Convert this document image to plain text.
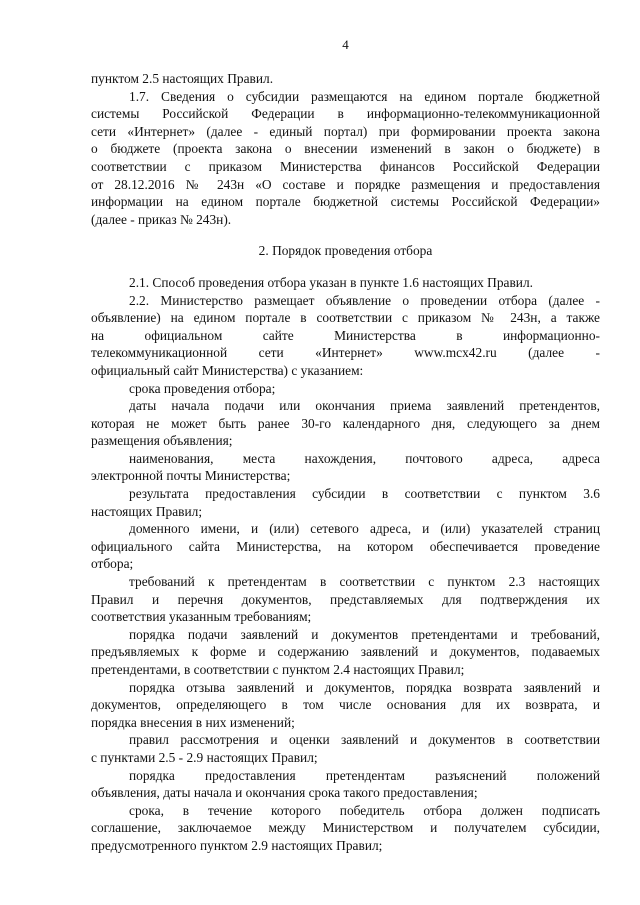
4
пунктом 2.5 настоящих Правил.
1.7. Сведения о субсидии размещаются на едином портале бюджетной
системы Российской Федерации в информационно-телекоммуникационной
сети «Интернет» (далее - единый портал) при формировании проекта закона
о бюджете (проекта закона о внесении изменений в закон о бюджете) в
соответствии с приказом Министерства финансов Российской Федерации
от 28.12.2016 № 243н «О составе и порядке размещения и предоставления
информации на едином портале бюджетной системы Российской Федерации»
(далее - приказ № 243н).
2. Порядок проведения отбора
2.1. Способ проведения отбора указан в пункте 1.6 настоящих Правил.
2.2. Министерство размещает объявление о проведении отбора (далее -
объявление) на едином портале в соответствии с приказом № 243н, а также
на официальном сайте Министерства в информационно-
телекоммуникационной сети «Интернет» www.mcx42.ru (далее -
официальный сайт Министерства) с указанием:
срока проведения отбора;
даты начала подачи или окончания приема заявлений претендентов,
которая не может быть ранее 30-го календарного дня, следующего за днем
размещения объявления;
наименования, места нахождения, почтового адреса, адреса
электронной почты Министерства;
результата предоставления субсидии в соответствии с пунктом 3.6
настоящих Правил;
доменного имени, и (или) сетевого адреса, и (или) указателей страниц
официального сайта Министерства, на котором обеспечивается проведение
отбора;
требований к претендентам в соответствии с пунктом 2.3 настоящих
Правил и перечня документов, представляемых для подтверждения их
соответствия указанным требованиям;
порядка подачи заявлений и документов претендентами и требований,
предъявляемых к форме и содержанию заявлений и документов, подаваемых
претендентами, в соответствии с пунктом 2.4 настоящих Правил;
порядка отзыва заявлений и документов, порядка возврата заявлений и
документов, определяющего в том числе основания для их возврата, и
порядка внесения в них изменений;
правил рассмотрения и оценки заявлений и документов в соответствии
с пунктами 2.5 - 2.9 настоящих Правил;
порядка предоставления претендентам разъяснений положений
объявления, даты начала и окончания срока такого предоставления;
срока, в течение которого победитель отбора должен подписать
соглашение, заключаемое между Министерством и получателем субсидии,
предусмотренного пунктом 2.9 настоящих Правил;
